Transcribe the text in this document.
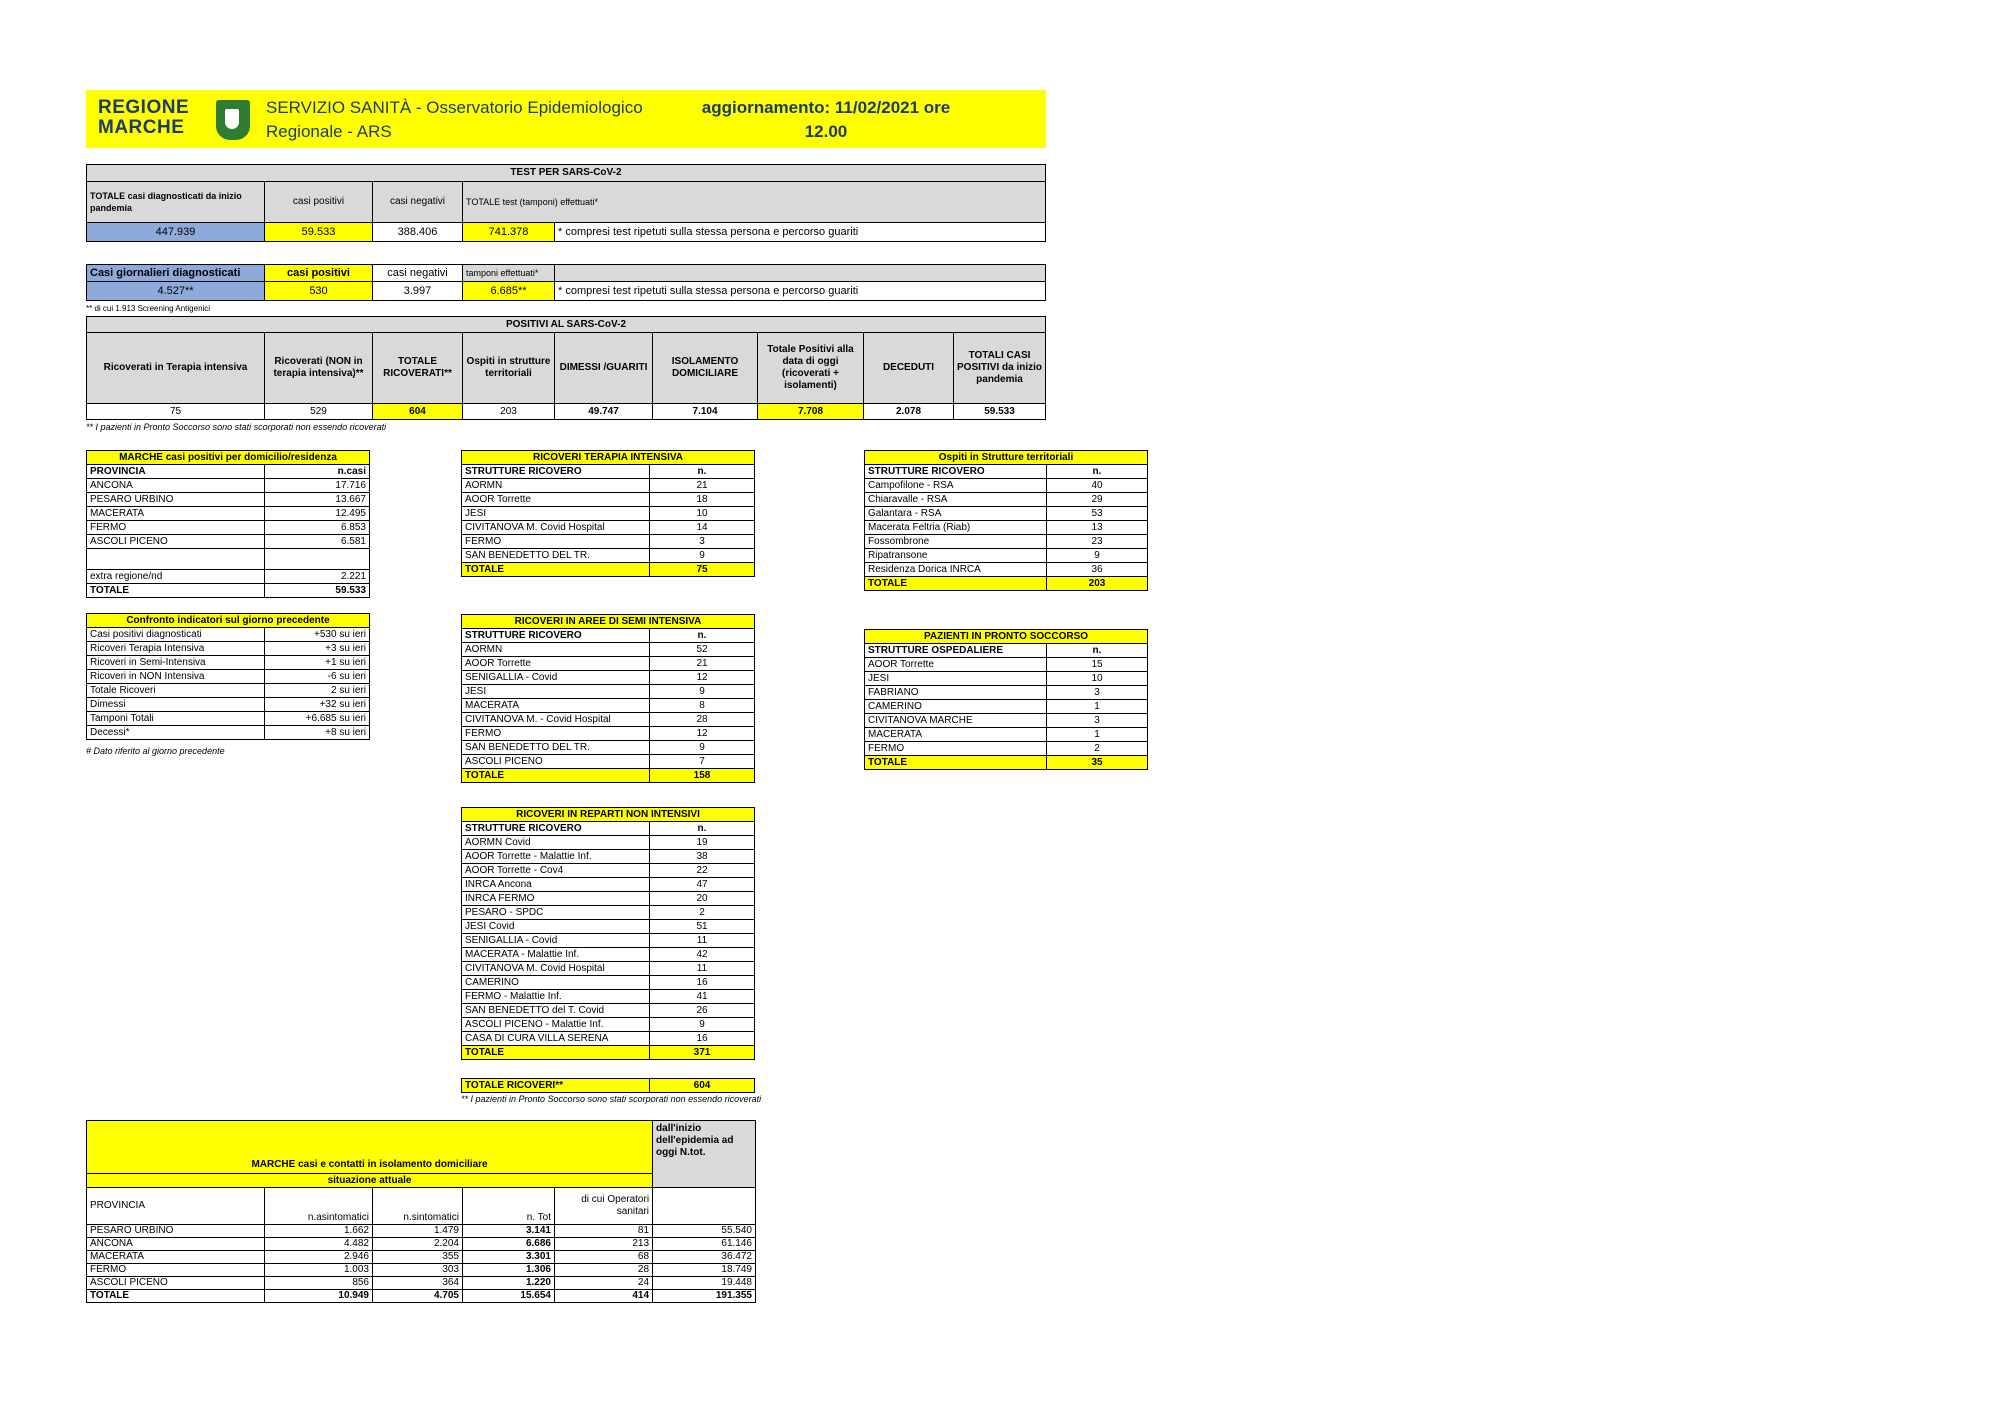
REGIONE MARCHE
SERVIZIO SANITÀ - Osservatorio Epidemiologico Regionale - ARS
aggiornamento: 11/02/2021 ore 12.00
TEST PER SARS-CoV-2				
TOTALE casi diagnosticati da inizio pandemia	casi positivi	casi negativi	TOTALE test (tamponi) effettuati*	
447.939	59.533	388.406	741.378	* compresi test ripetuti sulla stessa persona e percorso guariti
Casi giornalieri diagnosticati	casi positivi	casi negativi	tamponi effettuati*	
4.527**	530	3.997	6.685**	* compresi test ripetuti sulla stessa persona e percorso guariti
** di cui 1.913 Screening Antigenici
POSITIVI AL SARS-CoV-2								
Ricoverati in Terapia intensiva	Ricoverati (NON in terapia intensiva)**	TOTALE RICOVERATI**	Ospiti in strutture territoriali	DIMESSI /GUARITI	ISOLAMENTO DOMICILIARE	Totale Positivi alla data di oggi (ricoverati + isolamenti)	DECEDUTI	TOTALI CASI POSITIVI da inizio pandemia
75	529	604	203	49.747	7.104	7.708	2.078	59.533
** I pazienti in Pronto Soccorso sono stati scorporati non essendo ricoverati
MARCHE casi positivi per domicilio/residenza	
PROVINCIA	n.casi
ANCONA	17.716
PESARO URBINO	13.667
MACERATA	12.495
FERMO	6.853
ASCOLI PICENO	6.581

extra regione/nd	2.221
TOTALE	59.533
Confronto indicatori sul giorno precedente	
Casi positivi diagnosticati	+530 su ieri
Ricoveri Terapia Intensiva	+3 su ieri
Ricoveri in Semi-Intensiva	+1 su ieri
Ricoveri in NON Intensiva	-6 su ieri
Totale Ricoveri	2 su ieri
Dimessi	+32 su ieri
Tamponi Totali	+6.685 su ieri
Decessi*	+8 su ieri
# Dato riferito al giorno precedente
RICOVERI TERAPIA INTENSIVA	
STRUTTURE RICOVERO	n.
AORMN	21
AOOR Torrette	18
JESI	10
CIVITANOVA M. Covid Hospital	14
FERMO	3
SAN BENEDETTO DEL TR.	9
TOTALE	75
RICOVERI IN AREE DI SEMI INTENSIVA	
STRUTTURE RICOVERO	n.
AORMN	52
AOOR Torrette	21
SENIGALLIA - Covid	12
JESI	9
MACERATA	8
CIVITANOVA M. - Covid Hospital	28
FERMO	12
SAN BENEDETTO DEL TR.	9
ASCOLI PICENO	7
TOTALE	158
RICOVERI IN REPARTI NON INTENSIVI	
STRUTTURE RICOVERO	n.
AORMN Covid	19
AOOR Torrette - Malattie Inf.	38
AOOR Torrette - Cov4	22
INRCA Ancona	47
INRCA FERMO	20
PESARO - SPDC	2
JESI Covid	51
SENIGALLIA - Covid	11
MACERATA - Malattie Inf.	42
CIVITANOVA M. Covid Hospital	11
CAMERINO	16
FERMO - Malattie Inf.	41
SAN BENEDETTO del T. Covid	26
ASCOLI PICENO - Malattie Inf.	9
CASA DI CURA VILLA SERENA	16
TOTALE	371
TOTALE RICOVERI**	604
** I pazienti in Pronto Soccorso sono stati scorporati non essendo ricoverati
Ospiti in Strutture territoriali	
STRUTTURE RICOVERO	n.
Campofilone - RSA	40
Chiaravalle - RSA	29
Galantara - RSA	53
Macerata Feltria (Riab)	13
Fossombrone	23
Ripatransone	9
Residenza Dorica INRCA	36
TOTALE	203
PAZIENTI IN PRONTO SOCCORSO	
STRUTTURE OSPEDALIERE	n.
AOOR Torrette	15
JESI	10
FABRIANO	3
CAMERINO	1
CIVITANOVA MARCHE	3
MACERATA	1
FERMO	2
TOTALE	35
MARCHE casi e contatti in isolamento domiciliare					dall'inizio dell'epidemia ad oggi N.tot.
situazione attuale					
PROVINCIA	n.asintomatici	n.sintomatici	n. Tot	di cui Operatori sanitari	
PESARO URBINO	1.662	1.479	3.141	81	55.540
ANCONA	4.482	2.204	6.686	213	61.146
MACERATA	2.946	355	3.301	68	36.472
FERMO	1.003	303	1.306	28	18.749
ASCOLI PICENO	856	364	1.220	24	19.448
TOTALE	10.949	4.705	15.654	414	191.355
